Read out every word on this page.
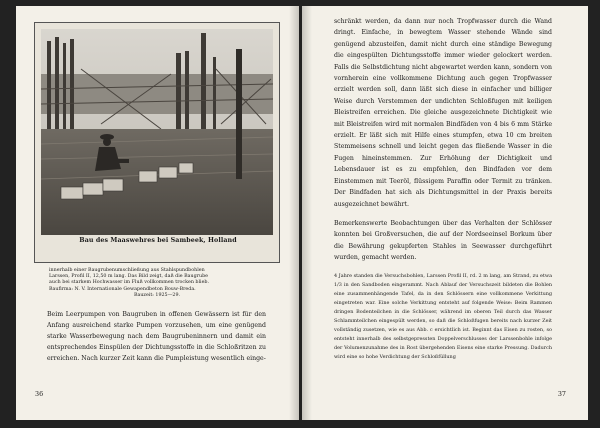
Bau des Maaswehres bei Sambeek, Holland

innerhalb einer Baugrubenumschließung aus Stahlspundbohlen

Larssen, Profil II, 12,50 m lang. Das Bild zeigt, daß die Baugrube

auch bei starkem Hochwasser im Fluß vollkommen trocken blieb.

Baufirma: N. V. Internationale Gewapendbeton Bouw-Breda.

Bauzeit: 1925—29.

Beim Leerpumpen von Baugruben in offenen Gewässern ist für den Anfang ausreichend starke Pumpen vorzusehen, um eine genügend starke Wasserbewegung nach dem Baugrubeninnern und damit ein entsprechendes Einspülen der Dichtungsstoffe in die Schloßritzen zu erreichen. Nach kurzer Zeit kann die Pumpleistung wesentlich einge-

36

schränkt werden, da dann nur noch Tropfwasser durch die Wand dringt. Einfache, in bewegtem Wasser stehende Wände sind genügend abzusteifen, damit nicht durch eine ständige Bewegung die eingespülten Dichtungsstoffe immer wieder gelockert werden. Falls die Selbstdichtung nicht abgewartet werden kann, sondern von vornherein eine vollkommene Dichtung auch gegen Tropfwasser erzielt werden soll, dann läßt sich diese in einfacher und billiger Weise durch Verstemmen der undichten Schloßfugen mit keiligen Bleistreifen erreichen. Die gleiche ausgezeichnete Dichtigkeit wie mit Bleistreifen wird mit normalen Bindfäden von 4 bis 6 mm Stärke erzielt. Er läßt sich mit Hilfe eines stumpfen, etwa 10 cm breiten Stemmeisens schnell und leicht gegen das fließende Wasser in die Fugen hineinstemmen. Zur Erhöhung der Dichtigkeit und Lebensdauer ist es zu empfehlen, den Bindfaden vor dem Einstemmen mit Teeröl, flüssigem Paraffin oder Termit zu tränken. Der Bindfaden hat sich als Dichtungsmittel in der Praxis bereits ausgezeichnet bewährt.

Bemerkenswerte Beobachtungen über das Verhalten der Schlösser konnten bei Großversuchen, die auf der Nordseeinsel Borkum über die Bewährung gekupferten Stahles in Seewasser durchgeführt wurden, gemacht werden.

4 Jahre standen die Versuchsbohlen, Larssen Profil II, rd. 2 m lang, am Strand, zu etwa 1/3 in den Sandboden eingerammt. Nach Ablauf der Versuchszeit bildeten die Bohlen eine zusammenhängende Tafel, da in den Schlössern eine vollkommene Verkittung eingetreten war. Eine solche Verkittung entsteht auf folgende Weise: Beim Rammen dringen Bodenteilchen in die Schlösser, während im oberen Teil durch das Wasser Schlammteilchen eingespült werden, so daß die Schloßfugen bereits nach kurzer Zeit vollständig zusetzen, wie es aus Abb. c ersichtlich ist. Beginnt das Eisen zu rosten, so entsteht innerhalb des selbstgepressten Doppelverschlusses der Larssenbohle infolge der Volumenzunahme des in Rost übergehenden Eisens eine starke Pressung. Dadurch wird eine so hohe Verdichtung der Schloßfüllung

37
